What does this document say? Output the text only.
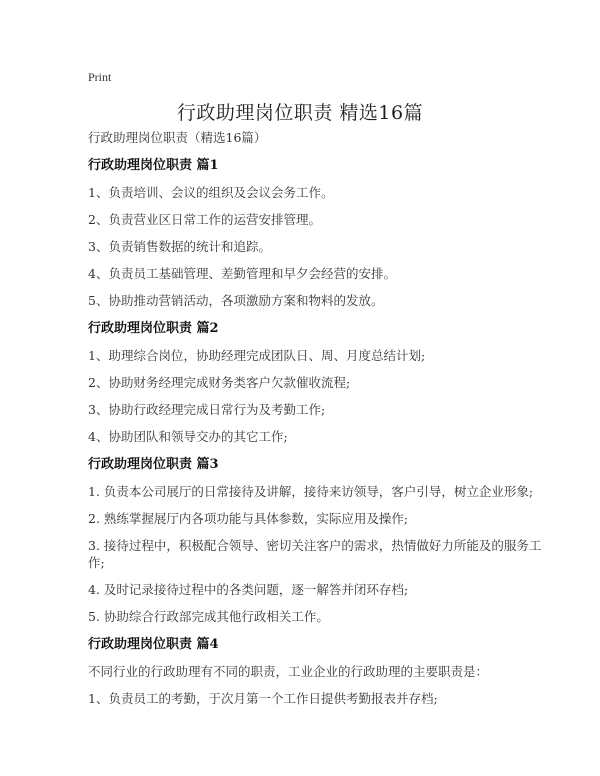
Print
行政助理岗位职责 精选16篇
行政助理岗位职责（精选16篇）
行政助理岗位职责 篇1
1、负责培训、会议的组织及会议会务工作。
2、负责营业区日常工作的运营安排管理。
3、负责销售数据的统计和追踪。
4、负责员工基础管理、差勤管理和早夕会经营的安排。
5、协助推动营销活动，各项激励方案和物料的发放。
行政助理岗位职责 篇2
1、助理综合岗位，协助经理完成团队日、周、月度总结计划;
2、协助财务经理完成财务类客户欠款催收流程;
3、协助行政经理完成日常行为及考勤工作;
4、协助团队和领导交办的其它工作;
行政助理岗位职责 篇3
1. 负责本公司展厅的日常接待及讲解，接待来访领导，客户引导，树立企业形象;
2. 熟练掌握展厅内各项功能与具体参数，实际应用及操作;
3. 接待过程中，积极配合领导、密切关注客户的需求，热情做好力所能及的服务工作;
4. 及时记录接待过程中的各类问题，逐一解答并闭环存档;
5. 协助综合行政部完成其他行政相关工作。
行政助理岗位职责 篇4
不同行业的行政助理有不同的职责，工业企业的行政助理的主要职责是：
1、负责员工的考勤，于次月第一个工作日提供考勤报表并存档;
